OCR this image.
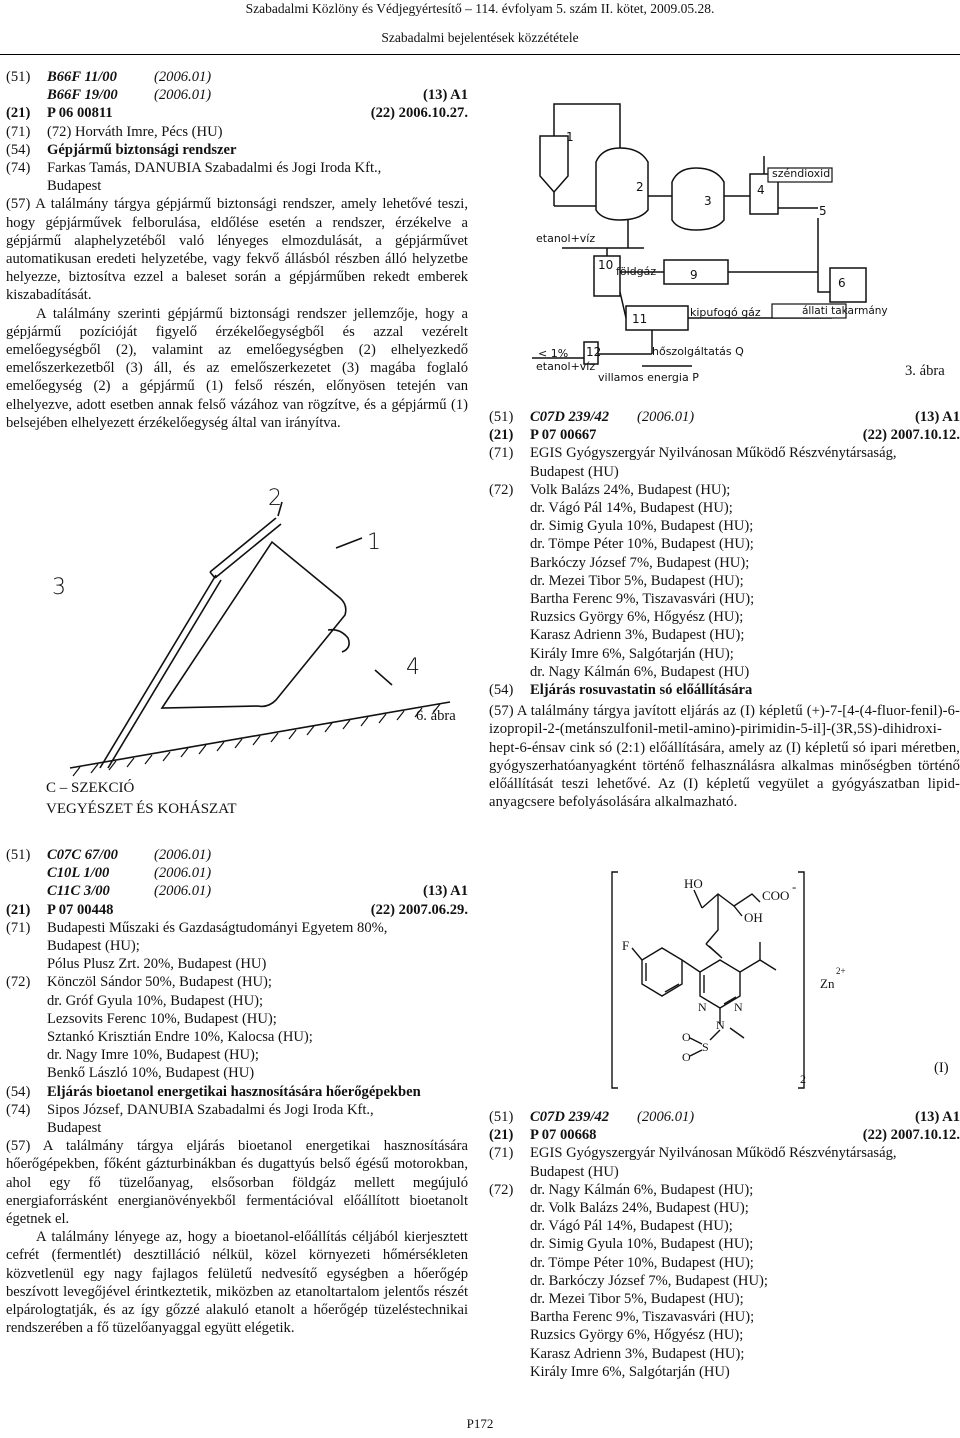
Szabadalmi Közlöny és Védjegyértesítő – 114. évfolyam 5. szám II. kötet, 2009.05.28.
Szabadalmi bejelentések közzététele
(51) B66F 11/00	(2006.01)
B66F 19/00 (2006.01)	(13) A1
(21) P 06 00811	(22) 2006.10.27.
(71) (72) Horváth Imre, Pécs (HU)
(54) Gépjármű biztonsági rendszer
(74) Farkas Tamás, DANUBIA Szabadalmi és Jogi Iroda Kft.,
Budapest

(57) A találmány tárgya gépjármű biztonsági rendszer, amely lehetővé teszi, hogy gépjárművek felborulása, eldőlése esetén a rendszer, érzékelve a gépjármű alaphelyzetéből való lényeges elmozdulását, a gépjárművet automatikusan eredeti helyzetébe, vagy fekvő állásból részben álló helyzetbe helyezze, biztosítva ezzel a baleset során a gépjárműben rekedt emberek kiszabadítását.

A találmány szerinti gépjármű biztonsági rendszer jellemzője, hogy a gépjármű pozícióját figyelő érzékelőegységből és azzal vezérelt emelőegységből (2), valamint az emelőegységben (2) elhelyezkedő emelőszerkezetből (3) áll, és az emelőszerkezetet (3) magába foglaló emelőegység (2) a gépjármű (1) felső részén, előnyösen tetején van elhelyezve, adott esetben annak felső vázához van rögzítve, és a gépjármű (1) belsejében elhelyezett érzékelőegység által van irányítva.

2
1
3
4
6. ábra
C – SZEKCIÓ
VEGYÉSZET ÉS KOHÁSZAT
(51) C07C 67/00 (2006.01)
C10L 1/00	(2006.01)
C11C 3/00	(2006.01)	(13) A1
(21) P 07 00448	(22) 2007.06.29.
(71) Budapesti Műszaki és Gazdaságtudományi Egyetem 80%,
Budapest (HU);
Pólus Plusz Zrt. 20%, Budapest (HU)
(72) Könczöl Sándor 50%, Budapest (HU);
dr. Gróf Gyula 10%, Budapest (HU);
Lezsovits Ferenc 10%, Budapest (HU);
Sztankó Krisztián Endre 10%, Kalocsa (HU);
dr. Nagy Imre 10%, Budapest (HU);
Benkő László 10%, Budapest (HU)
(54) Eljárás bioetanol energetikai hasznosítására hőerőgépekben
(74) Sipos József, DANUBIA Szabadalmi és Jogi Iroda Kft.,
Budapest

(57) A találmány tárgya eljárás bioetanol energetikai hasznosítására hőerőgépekben, főként gázturbinákban és dugattyús belső égésű motorokban, ahol egy fő tüzelőanyag, elsősorban földgáz mellett megújuló energiaforrásként energianövényekből fermentációval előállított bioetanolt égetnek el.

A találmány lényege az, hogy a bioetanol-előállítás céljából kierjesztett cefrét (fermentlét) desztilláció nélkül, közel környezeti hőmérsékleten közvetlenül egy nagy fajlagos felületű nedvesítő egységben a hőerőgép beszívott levegőjével érintkeztetik, miközben az etanoltartalom jelentős részét elpárologtatják, és az így gőzzé alakuló etanolt a hőerőgép tüzeléstechnikai rendszerében a fő tüzelőanyaggal együtt elégetik.

1
2
3
4
5
6
9
10
11
12
széndioxid
etanol+víz
földgáz
kipufogó gáz	állati takarmány
< 1%
etanol+víz
hőszolgáltatás Q
villamos energia P	3. ábra
(51) C07D 239/42 (2006.01)	(13) A1
(21) P 07 00667	(22) 2007.10.12.
(71) EGIS Gyógyszergyár Nyilvánosan Működő Részvénytársaság,
Budapest (HU)
(72) Volk Balázs 24%, Budapest (HU);
dr. Vágó Pál 14%, Budapest (HU);
dr. Simig Gyula 10%, Budapest (HU);
dr. Tömpe Péter 10%, Budapest (HU);
Barkóczy József 7%, Budapest (HU);
dr. Mezei Tibor 5%, Budapest (HU);
Bartha Ferenc 9%, Tiszavasvári (HU);
Ruzsics György 6%, Hőgyész (HU);
Karasz Adrienn 3%, Budapest (HU);
Király Imre 6%, Salgótarján (HU);
dr. Nagy Kálmán 6%, Budapest (HU)
(54) Eljárás rosuvastatin só előállítására

(57) A találmány tárgya javított eljárás az (I) képletű (+)-7-[4-(4-fluor-fenil)-6-izopropil-2-(metánszulfonil-metil-amino)-pirimidin-5-il]-(3R,5S)-dihidroxi-hept-6-énsav cink só (2:1) előállítására, amely az (I) képletű só ipari méretben, gyógyszerhatóanyagként történő felhasználásra alkalmas minőségben történő előállítását teszi lehetővé. Az (I) képletű vegyület a gyógyászatban lipid-anyagcsere befolyásolására alkalmazható.

HO
COO
-
OH
F
N N
N
O
S
O
Zn
2+
2
(I)
(51) C07D 239/42 (2006.01)	(13) A1
(21) P 07 00668	(22) 2007.10.12.
(71) EGIS Gyógyszergyár Nyilvánosan Működő Részvénytársaság,
Budapest (HU)
(72) dr. Nagy Kálmán 6%, Budapest (HU);
dr. Volk Balázs 24%, Budapest (HU);
dr. Vágó Pál 14%, Budapest (HU);
dr. Simig Gyula 10%, Budapest (HU);
dr. Tömpe Péter 10%, Budapest (HU);
dr. Barkóczy József 7%, Budapest (HU);
dr. Mezei Tibor 5%, Budapest (HU);
Bartha Ferenc 9%, Tiszavasvári (HU);
Ruzsics György 6%, Hőgyész (HU);
Karasz Adrienn 3%, Budapest (HU);
Király Imre 6%, Salgótarján (HU)
P172
